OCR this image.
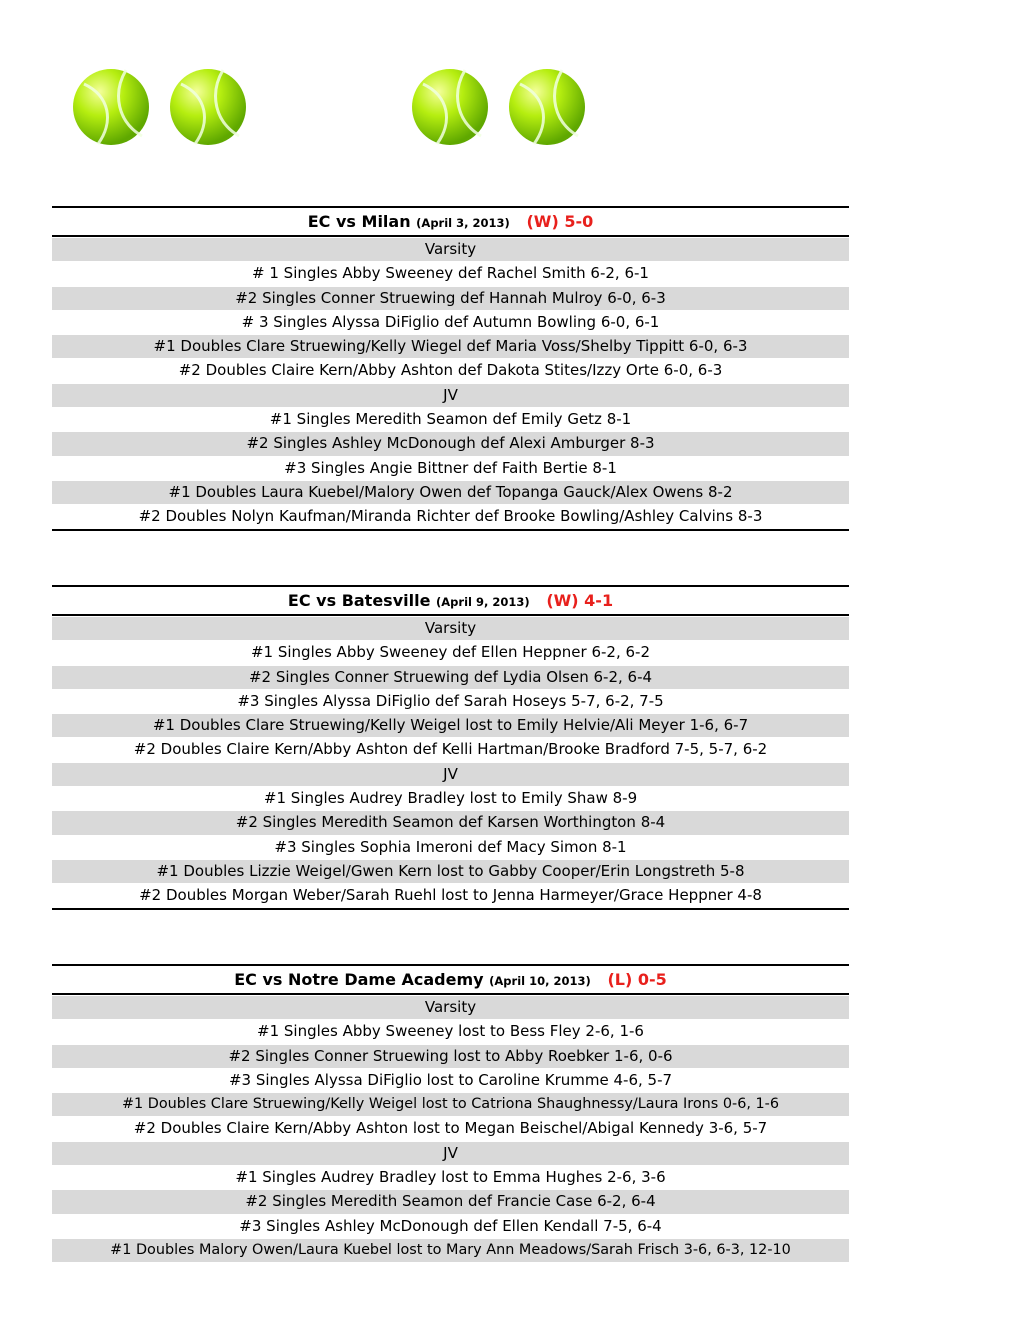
EC vs Milan (April 3, 2013) (W) 5-0
Varsity
# 1 Singles Abby Sweeney def Rachel Smith 6-2, 6-1
#2 Singles Conner Struewing def Hannah Mulroy 6-0, 6-3
# 3 Singles Alyssa DiFiglio def Autumn Bowling 6-0, 6-1
#1 Doubles Clare Struewing/Kelly Wiegel def Maria Voss/Shelby Tippitt 6-0, 6-3
#2 Doubles Claire Kern/Abby Ashton def Dakota Stites/Izzy Orte 6-0, 6-3
JV
#1 Singles Meredith Seamon def Emily Getz 8-1
#2 Singles Ashley McDonough def Alexi Amburger 8-3
#3 Singles Angie Bittner def Faith Bertie 8-1
#1 Doubles Laura Kuebel/Malory Owen def Topanga Gauck/Alex Owens 8-2
#2 Doubles Nolyn Kaufman/Miranda Richter def Brooke Bowling/Ashley Calvins 8-3
EC vs Batesville (April 9, 2013) (W) 4-1
Varsity
#1 Singles Abby Sweeney def Ellen Heppner 6-2, 6-2
#2 Singles Conner Struewing def Lydia Olsen 6-2, 6-4
#3 Singles Alyssa DiFiglio def Sarah Hoseys 5-7, 6-2, 7-5
#1 Doubles Clare Struewing/Kelly Weigel lost to Emily Helvie/Ali Meyer 1-6, 6-7
#2 Doubles Claire Kern/Abby Ashton def Kelli Hartman/Brooke Bradford 7-5, 5-7, 6-2
JV
#1 Singles Audrey Bradley lost to Emily Shaw 8-9
#2 Singles Meredith Seamon def Karsen Worthington 8-4
#3 Singles Sophia Imeroni def Macy Simon 8-1
#1 Doubles Lizzie Weigel/Gwen Kern lost to Gabby Cooper/Erin Longstreth 5-8
#2 Doubles Morgan Weber/Sarah Ruehl lost to Jenna Harmeyer/Grace Heppner 4-8
EC vs Notre Dame Academy (April 10, 2013) (L) 0-5
Varsity
#1 Singles Abby Sweeney lost to Bess Fley 2-6, 1-6
#2 Singles Conner Struewing lost to Abby Roebker 1-6, 0-6
#3 Singles Alyssa DiFiglio lost to Caroline Krumme 4-6, 5-7
#1 Doubles Clare Struewing/Kelly Weigel lost to Catriona Shaughnessy/Laura Irons 0-6, 1-6
#2 Doubles Claire Kern/Abby Ashton lost to Megan Beischel/Abigal Kennedy 3-6, 5-7
JV
#1 Singles Audrey Bradley lost to Emma Hughes 2-6, 3-6
#2 Singles Meredith Seamon def Francie Case 6-2, 6-4
#3 Singles Ashley McDonough def Ellen Kendall 7-5, 6-4
#1 Doubles Malory Owen/Laura Kuebel lost to Mary Ann Meadows/Sarah Frisch 3-6, 6-3, 12-10
